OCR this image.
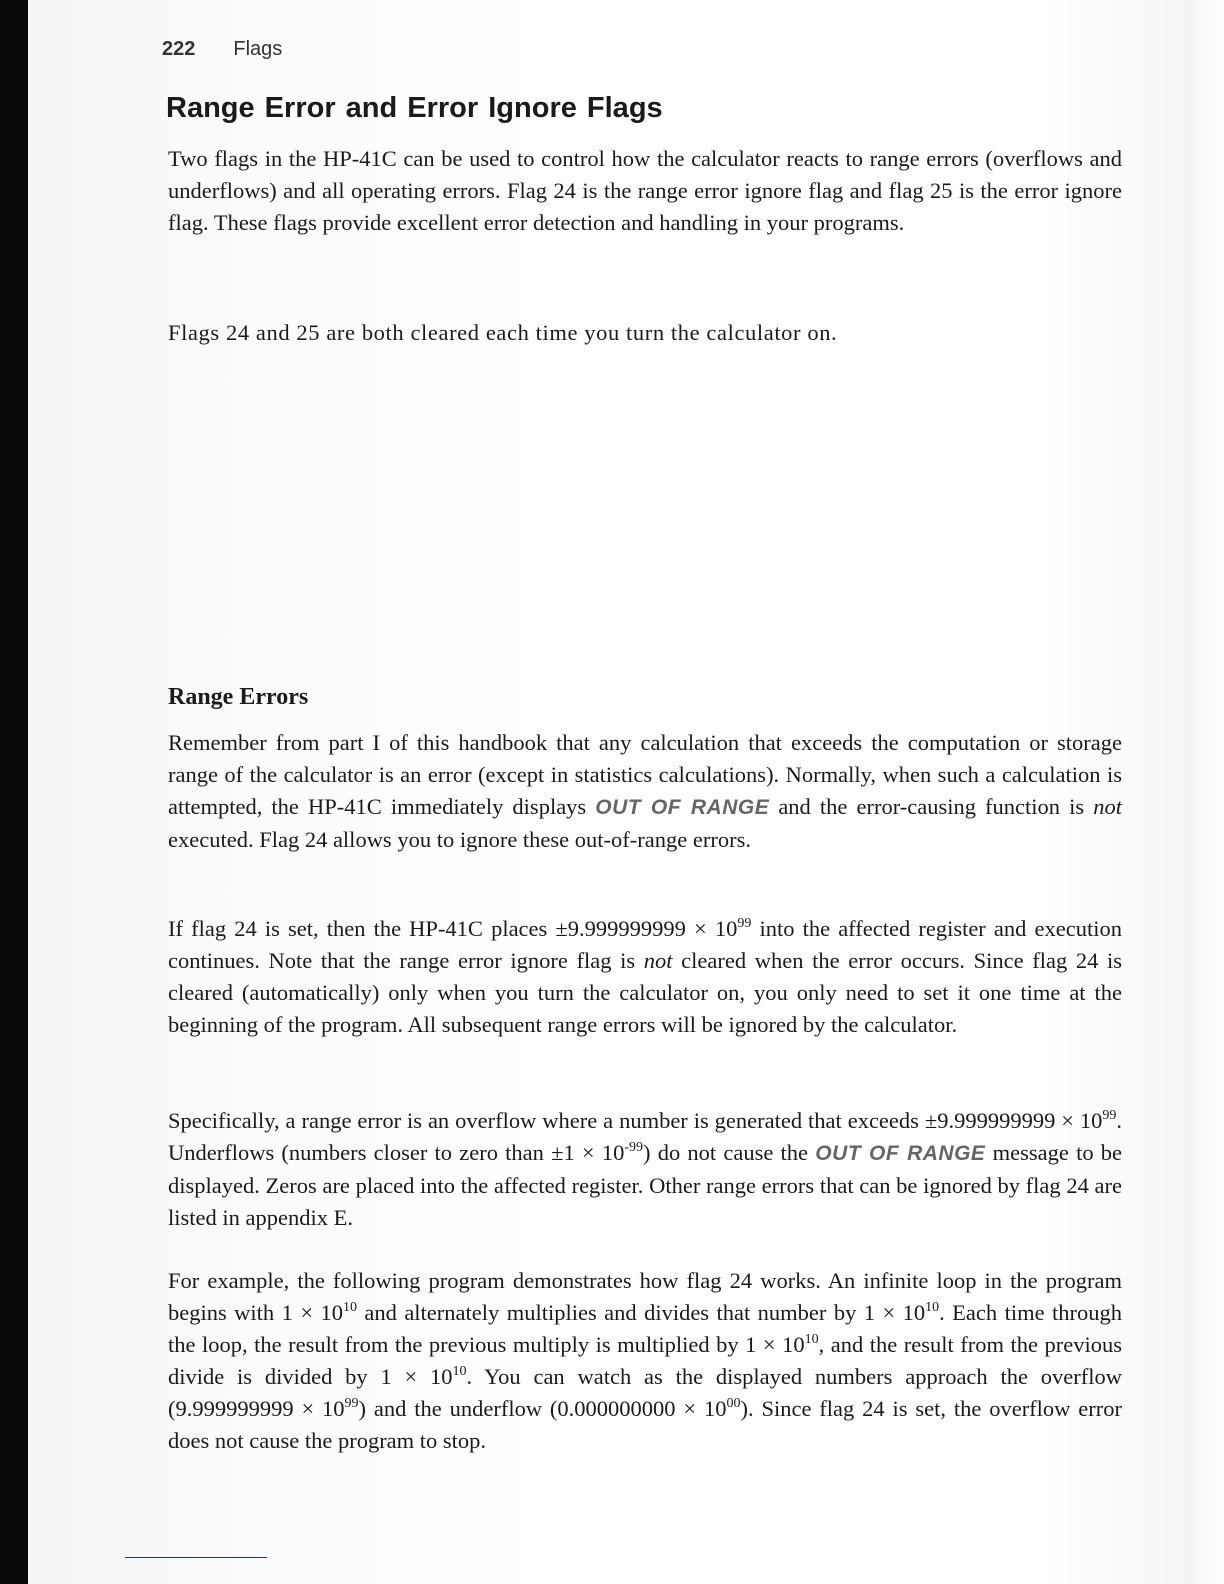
222 Flags
Range Error and Error Ignore Flags

Two flags in the HP-41C can be used to control how the calculator reacts to range errors (overflows and underflows) and all operating errors. Flag 24 is the range error ignore flag and flag 25 is the error ignore flag. These flags provide excellent error detection and handling in your programs.

Flags 24 and 25 are both cleared each time you turn the calculator on.

Range Errors

Remember from part I of this handbook that any calculation that exceeds the computation or storage range of the calculator is an error (except in statistics calculations). Normally, when such a calculation is attempted, the HP-41C immediately displays OUT OF RANGE and the error-causing function is not executed. Flag 24 allows you to ignore these out-of-range errors.

If flag 24 is set, then the HP-41C places $\pm 9.999999999 \times 10^{99}$ into the affected register and execution continues. Note that the range error ignore flag is not cleared when the error occurs. Since flag 24 is cleared (automatically) only when you turn the calculator on, you only need to set it one time at the beginning of the program. All subsequent range errors will be ignored by the calculator.

Specifically, a range error is an overflow where a number is generated that exceeds $\pm 9.999999999 \times 10^{99}$. Underflows (numbers closer to zero than $\pm 1 \times 10^{-99}$) do not cause the OUT OF RANGE message to be displayed. Zeros are placed into the affected register. Other range errors that can be ignored by flag 24 are listed in appendix E.

For example, the following program demonstrates how flag 24 works. An infinite loop in the program begins with $1 \times 10^{10}$ and alternately multiplies and divides that number by $1 \times 10^{10}$. Each time through the loop, the result from the previous multiply is multiplied by $1 \times 10^{10}$, and the result from the previous divide is divided by $1 \times 10^{10}$. You can watch as the displayed numbers approach the overflow $(9.999999999 \times 10^{99})$ and the underflow $(0.000000000 \times 10^{00})$. Since flag 24 is set, the overflow error does not cause the program to stop.
